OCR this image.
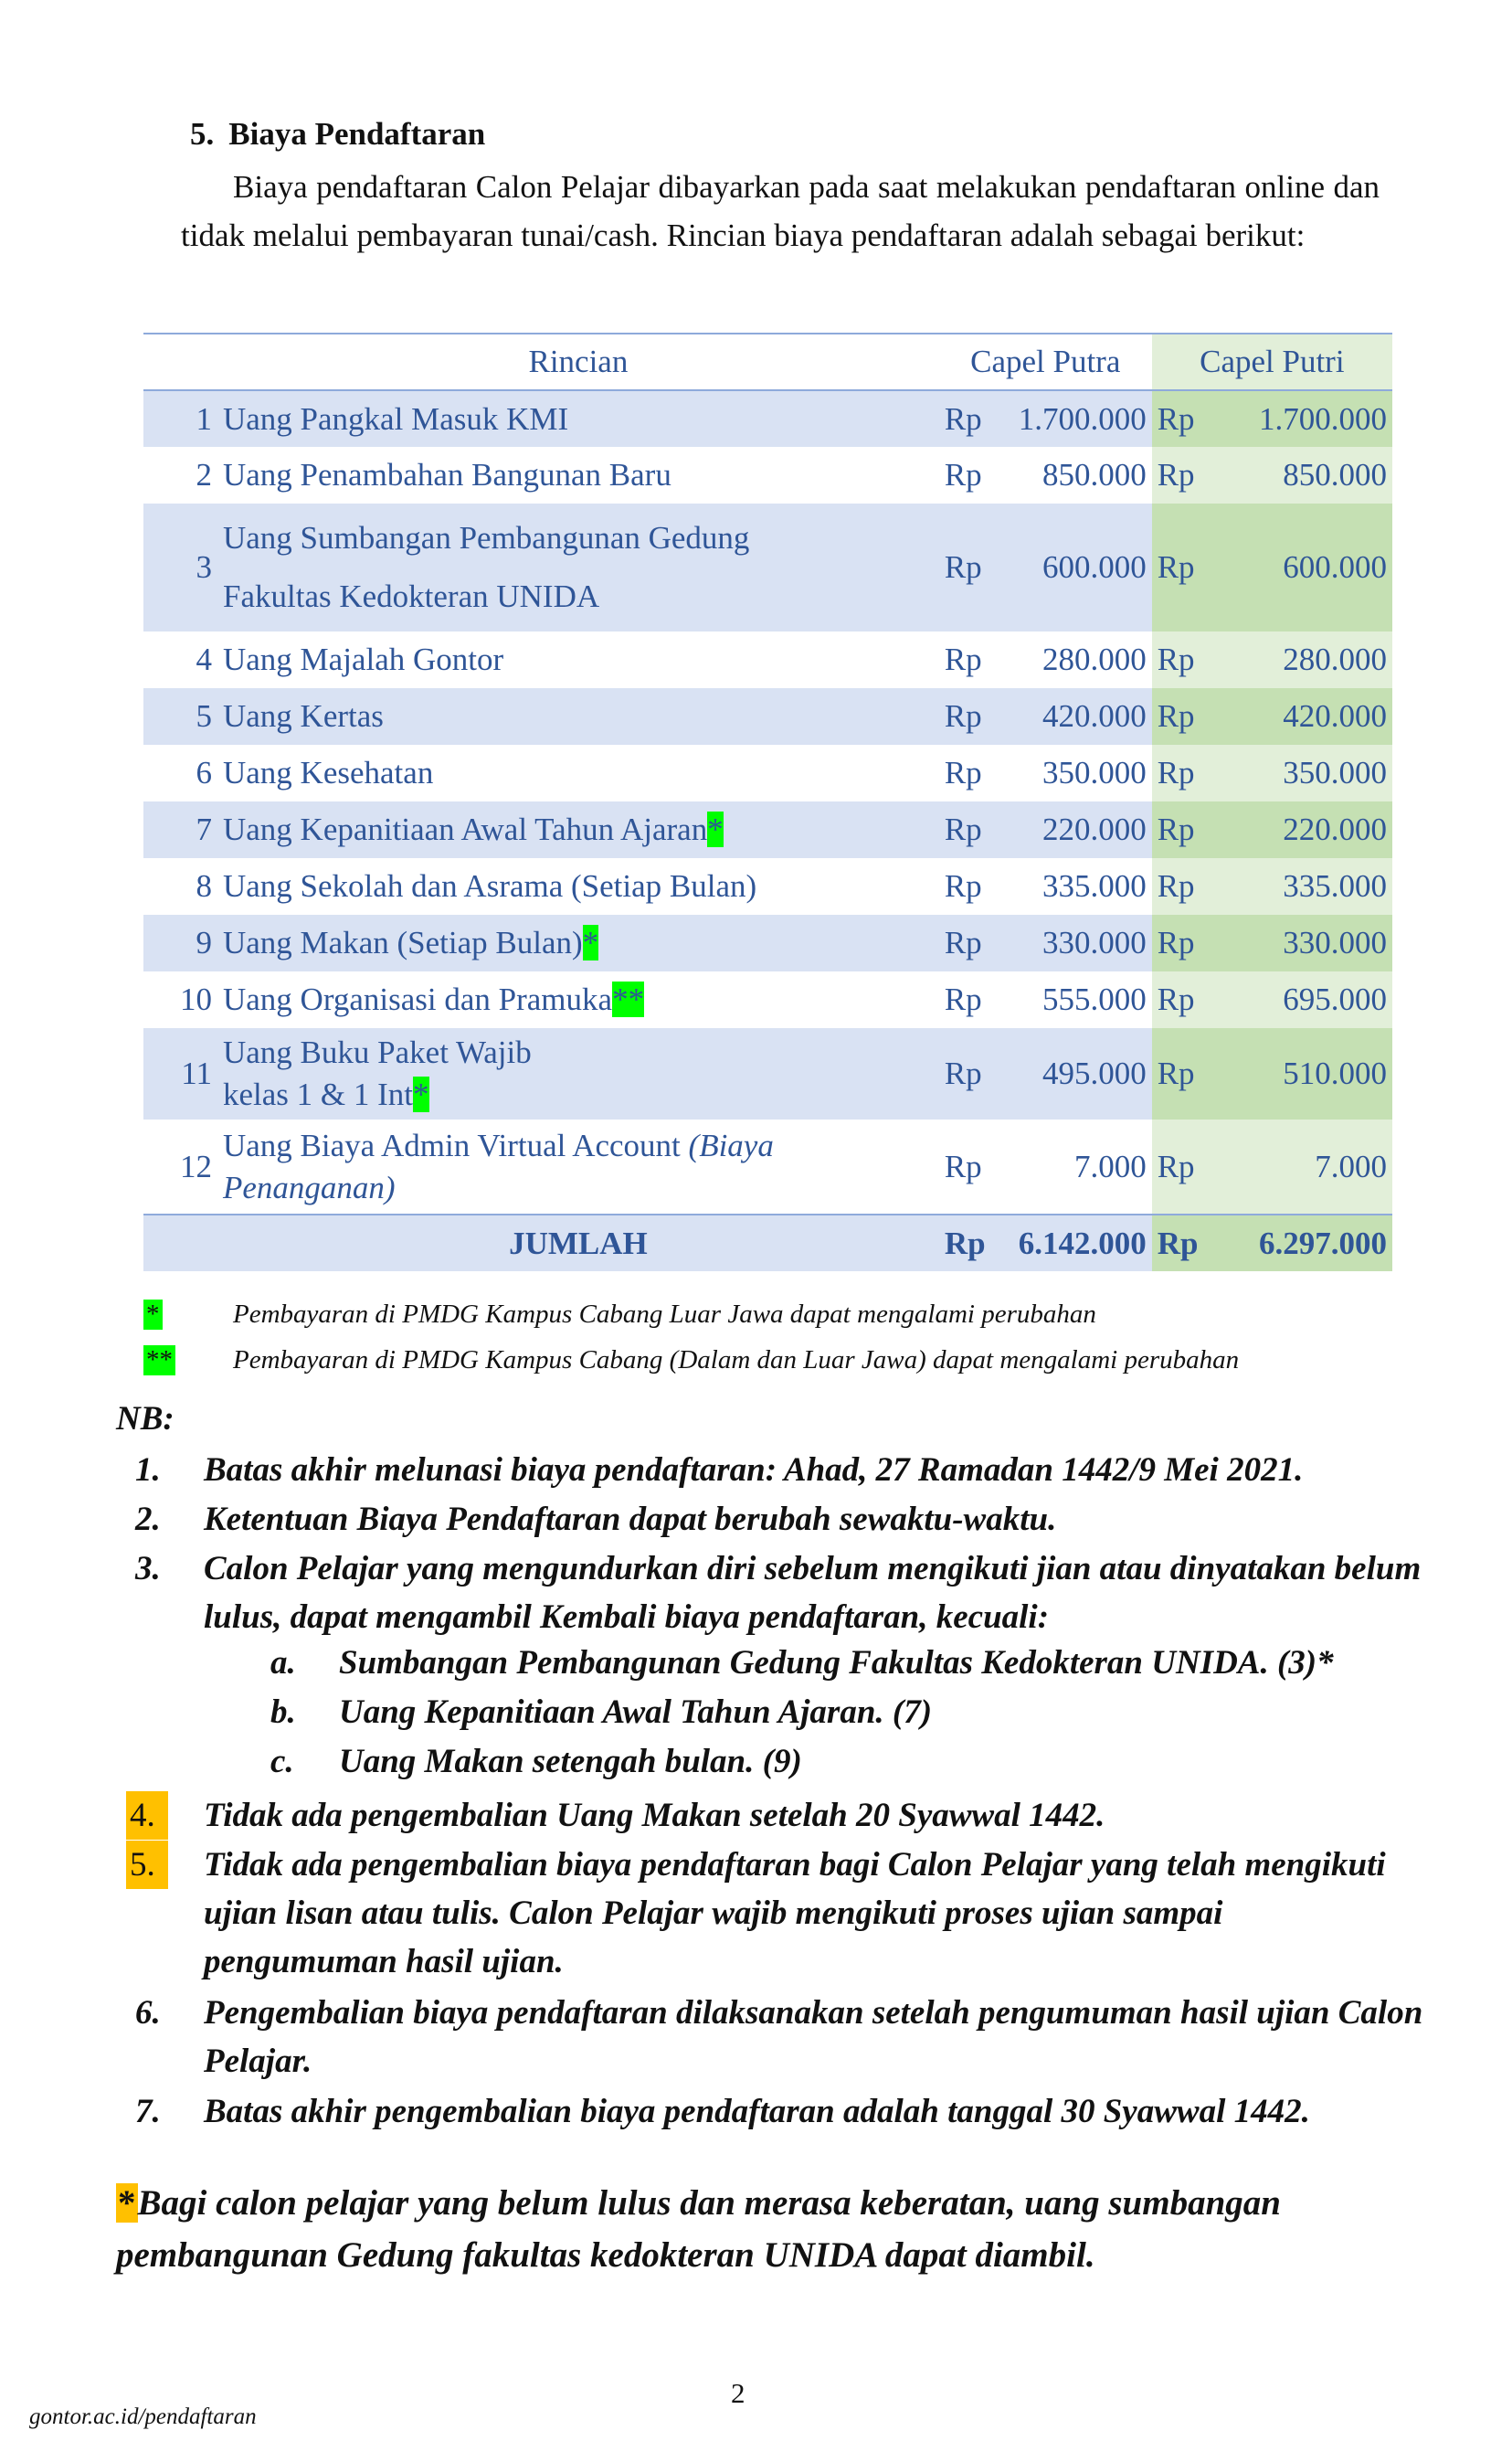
5. Biaya Pendaftaran
Biaya pendaftaran Calon Pelajar dibayarkan pada saat melakukan pendaftaran online dan tidak melalui pembayaran tunai/cash. Rincian biaya pendaftaran adalah sebagai berikut:
	Rincian	Capel Putra		Capel Putri	
1	Uang Pangkal Masuk KMI	Rp	1.700.000	Rp	1.700.000
2	Uang Penambahan Bangunan Baru	Rp	850.000	Rp	850.000
3	Uang Sumbangan Pembangunan Gedung
Fakultas Kedokteran UNIDA	Rp	600.000	Rp	600.000
4	Uang Majalah Gontor	Rp	280.000	Rp	280.000
5	Uang Kertas	Rp	420.000	Rp	420.000
6	Uang Kesehatan	Rp	350.000	Rp	350.000
7	Uang Kepanitiaan Awal Tahun Ajaran*	Rp	220.000	Rp	220.000
8	Uang Sekolah dan Asrama (Setiap Bulan)	Rp	335.000	Rp	335.000
9	Uang Makan (Setiap Bulan)*	Rp	330.000	Rp	330.000
10	Uang Organisasi dan Pramuka**	Rp	555.000	Rp	695.000
11	Uang Buku Paket Wajib
kelas 1 & 1 Int*	Rp	495.000	Rp	510.000
12	Uang Biaya Admin Virtual Account (Biaya Penanganan)	Rp	7.000	Rp	7.000
	JUMLAH	Rp	6.142.000	Rp	6.297.000
*	Pembayaran di PMDG Kampus Cabang Luar Jawa dapat mengalami perubahan
** Pembayaran di PMDG Kampus Cabang (Dalam dan Luar Jawa) dapat mengalami perubahan
NB:
1. Batas akhir melunasi biaya pendaftaran: Ahad, 27 Ramadan 1442/9 Mei 2021.
2. Ketentuan Biaya Pendaftaran dapat berubah sewaktu-waktu.
3. Calon Pelajar yang mengundurkan diri sebelum mengikuti jian atau dinyatakan belum lulus, dapat mengambil Kembali biaya pendaftaran, kecuali:
a. Sumbangan Pembangunan Gedung Fakultas Kedokteran UNIDA. (3)*
b. Uang Kepanitiaan Awal Tahun Ajaran. (7)
c. Uang Makan setengah bulan. (9)
4.	Tidak ada pengembalian Uang Makan setelah 20 Syawwal 1442.
5.	Tidak ada pengembalian biaya pendaftaran bagi Calon Pelajar yang telah mengikuti ujian lisan atau tulis. Calon Pelajar wajib mengikuti proses ujian sampai pengumuman hasil ujian.
6. Pengembalian biaya pendaftaran dilaksanakan setelah pengumuman hasil ujian Calon Pelajar.
7. Batas akhir pengembalian biaya pendaftaran adalah tanggal 30 Syawwal 1442.
*Bagi calon pelajar yang belum lulus dan merasa keberatan, uang sumbangan pembangunan Gedung fakultas kedokteran UNIDA dapat diambil.
2
gontor.ac.id/pendaftaran
